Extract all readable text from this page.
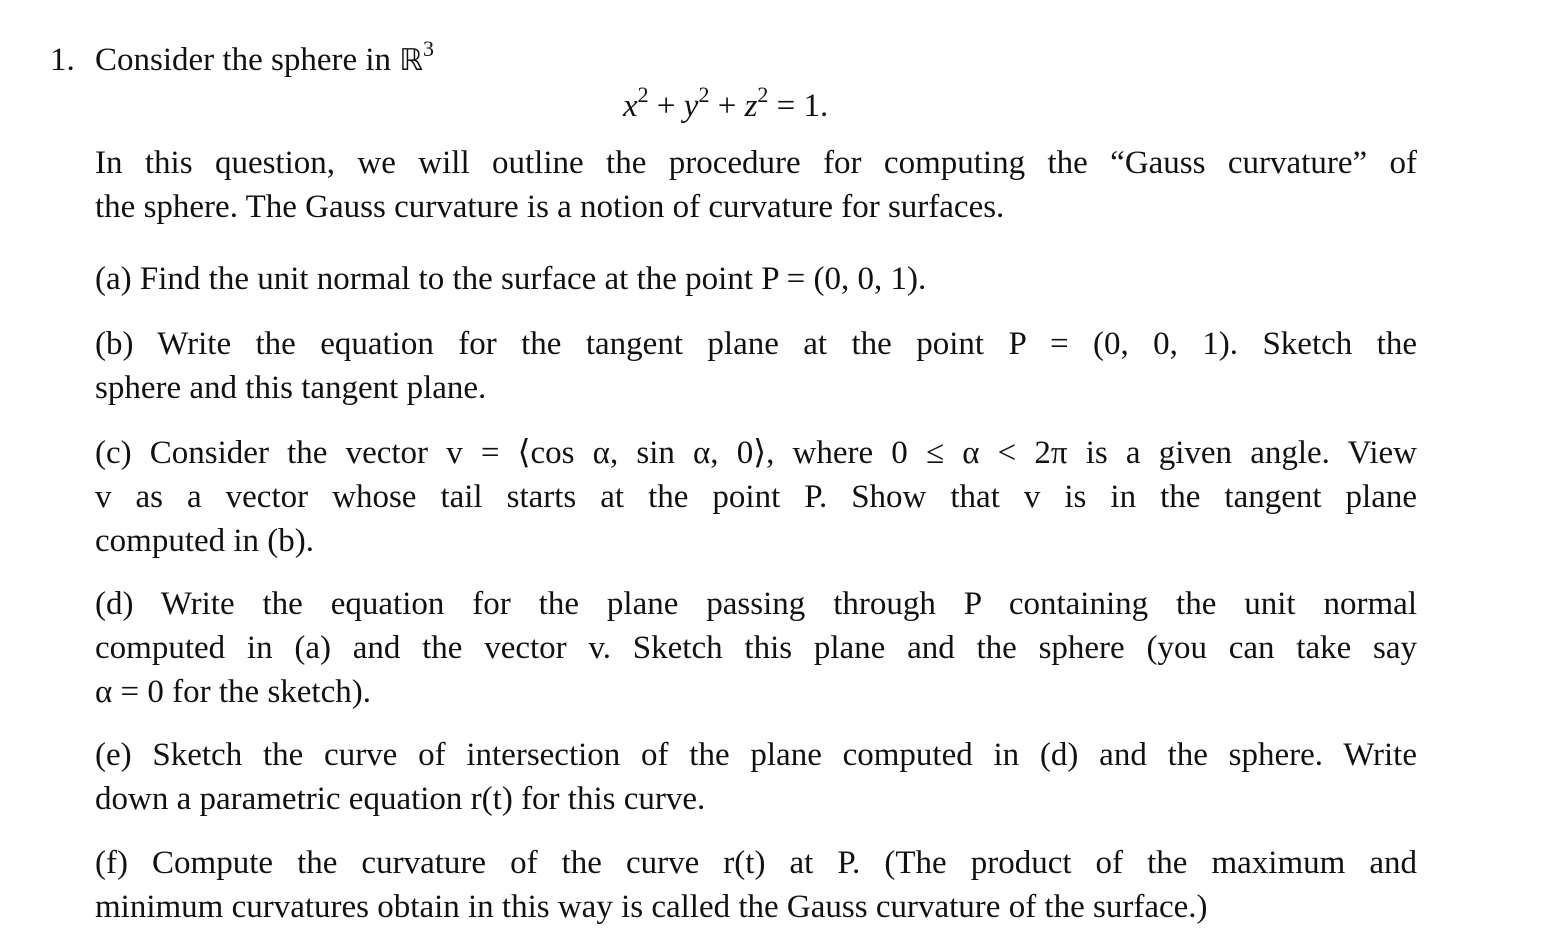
1. Consider the sphere in ℝ$^3$
$x^2 + y^2 + z^2 = 1$.
In this question, we will outline the procedure for computing the “Gauss curvature” of
the sphere. The Gauss curvature is a notion of curvature for surfaces.
(a) Find the unit normal to the surface at the point P = (0, 0, 1).
(b) Write the equation for the tangent plane at the point P = (0, 0, 1). Sketch the
sphere and this tangent plane.
(c) Consider the vector v = ⟨cos α, sin α, 0⟩, where 0 ≤ α < 2π is a given angle. View
v as a vector whose tail starts at the point P. Show that v is in the tangent plane
computed in (b).
(d) Write the equation for the plane passing through P containing the unit normal
computed in (a) and the vector v. Sketch this plane and the sphere (you can take say
α = 0 for the sketch).
(e) Sketch the curve of intersection of the plane computed in (d) and the sphere. Write
down a parametric equation r(t) for this curve.
(f) Compute the curvature of the curve r(t) at P. (The product of the maximum and
minimum curvatures obtain in this way is called the Gauss curvature of the surface.)
